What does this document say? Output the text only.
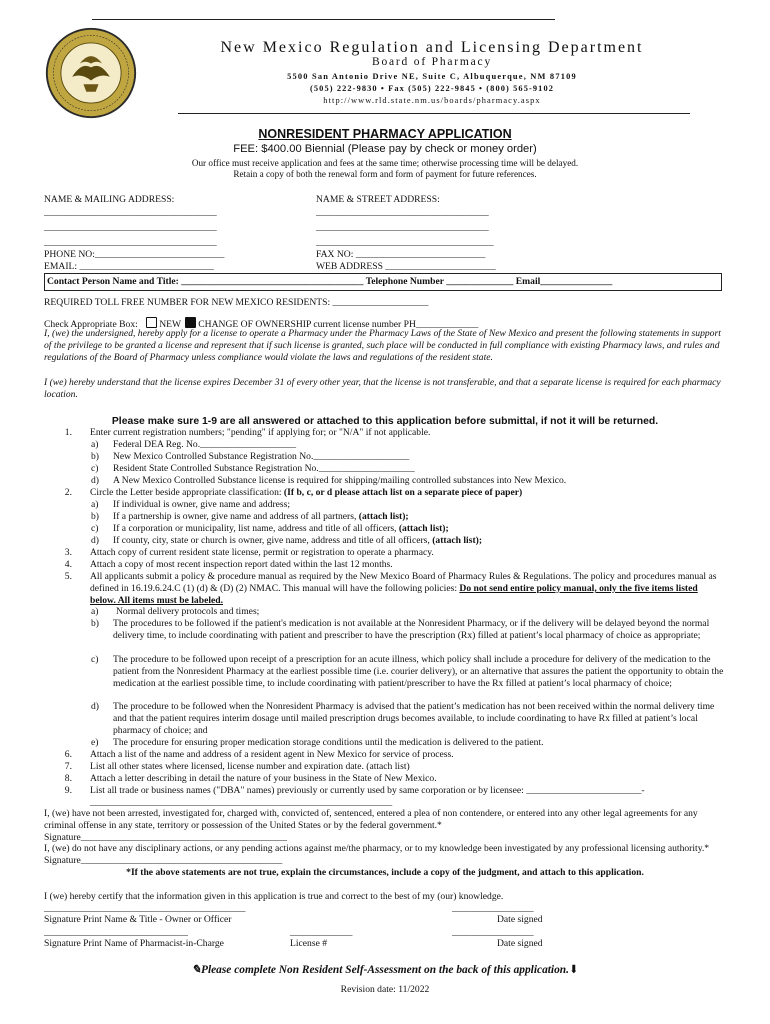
New Mexico Regulation and Licensing Department
Board of Pharmacy
5500 San Antonio Drive NE, Suite C, Albuquerque, NM 87109
(505) 222-9830 • Fax (505) 222-9845 • (800) 565-9102
http://www.rld.state.nm.us/boards/pharmacy.aspx
NONRESIDENT PHARMACY APPLICATION
FEE: $400.00 Biennial (Please pay by check or money order)
Our office must receive application and fees at the same time; otherwise processing time will be delayed.
Retain a copy of both the renewal form and form of payment for future references.
NAME & MAILING ADDRESS:	NAME & STREET ADDRESS:
____________________________________
____________________________________
____________________________________
____________________________________
____________________________________
_____________________________________
PHONE NO:___________________________	FAX NO: ___________________________
EMAIL: ____________________________	WEB ADDRESS _______________________
Contact Person Name and Title: ______________________________________ Telephone Number ______________ Email_______________
REQUIRED TOLL FREE NUMBER FOR NEW MEXICO RESIDENTS: ____________________
Check Appropriate Box: NEW CHANGE OF OWNERSHIP current license number PH_____________
I, (we) the undersigned, hereby apply for a license to operate a Pharmacy under the Pharmacy Laws of the State of New Mexico and present the following statements in support of the privilege to be granted a license and represent that if such license is granted, such place will be conducted in full compliance with existing Pharmacy laws, and rules and regulations of the Board of Pharmacy unless compliance would violate the laws and regulations of the resident state.
I (we) hereby understand that the license expires December 31 of every other year, that the license is not transferable, and that a separate license is required for each pharmacy location.
Please make sure 1-9 are all answered or attached to this application before submittal, if not it will be returned.
1. Enter current registration numbers; "pending" if applying for; or "N/A" if not applicable.
a)	Federal DEA Reg. No.____________________
b)	New Mexico Controlled Substance Registration No.____________________
c)	Resident State Controlled Substance Registration No.____________________
d)	A New Mexico Controlled Substance license is required for shipping/mailing controlled substances into New Mexico.
2. Circle the Letter beside appropriate classification: (If b, c, or d please attach list on a separate piece of paper)
a)	If individual is owner, give name and address;
b)	If a partnership is owner, give name and address of all partners, (attach list);
c)	If a corporation or municipality, list name, address and title of all officers, (attach list);
d)	If county, city, state or church is owner, give name, address and title of all officers, (attach list);
3. Attach copy of current resident state license, permit or registration to operate a pharmacy.
4. Attach a copy of most recent inspection report dated within the last 12 months.
5. All applicants submit a policy & procedure manual as required by the New Mexico Board of Pharmacy Rules & Regulations. The policy and procedures manual as defined in 16.19.6.24.C (1) (d) & (D) (2) NMAC. This manual will have the following policies: Do not send entire policy manual, only the five items listed below. All items must be labeled.
a)	Normal delivery protocols and times;
b)	The procedures to be followed if the patient's medication is not available at the Nonresident Pharmacy, or if the delivery will be delayed beyond the normal delivery time, to include coordinating with patient and prescriber to have the prescription (Rx) filled at patient’s local pharmacy of choice as appropriate;
c)	The procedure to be followed upon receipt of a prescription for an acute illness, which policy shall include a procedure for delivery of the medication to the patient from the Nonresident Pharmacy at the earliest possible time (i.e. courier delivery), or an alternative that assures the patient the opportunity to obtain the medication at the earliest possible time, to include coordinating with patient/prescriber to have the Rx filled at patient’s local pharmacy of choice;
d)	The procedure to be followed when the Nonresident Pharmacy is advised that the patient’s medication has not been received within the normal delivery time and that the patient requires interim dosage until mailed prescription drugs becomes available, to include coordinating to have Rx filled at patient’s local pharmacy of choice; and
e)	The procedure for ensuring proper medication storage conditions until the medication is delivered to the patient.
6. Attach a list of the name and address of a resident agent in New Mexico for service of process.
7. List all other states where licensed, license number and expiration date. (attach list)
8. Attach a letter describing in detail the nature of your business in the State of New Mexico.
9. List all trade or business names ("DBA" names) previously or currently used by same corporation or by licensee: ________________________-
_______________________________________________________________
I, (we) have not been arrested, investigated for, charged with, convicted of, sentenced, entered a plea of non contendere, or entered into any other legal agreements for any criminal offense in any state, territory or possession of the United States or by the federal government.*
Signature___________________________________________
I, (we) do not have any disciplinary actions, or any pending actions against me/the pharmacy, or to my knowledge been investigated by any professional licensing authority.* Signature__________________________________________
*If the above statements are not true, explain the circumstances, include a copy of the judgment, and attach to this application.
I (we) hereby certify that the information given in this application is true and correct to the best of my (our) knowledge.
__________________________________________
Signature Print Name & Title - Owner or Officer
_________________
Date signed
______________________________
Signature Print Name of Pharmacist-in-Charge
_____________
License #
_________________
Date signed
✎Please complete Non Resident Self-Assessment on the back of this application.⬇
Revision date: 11/2022
